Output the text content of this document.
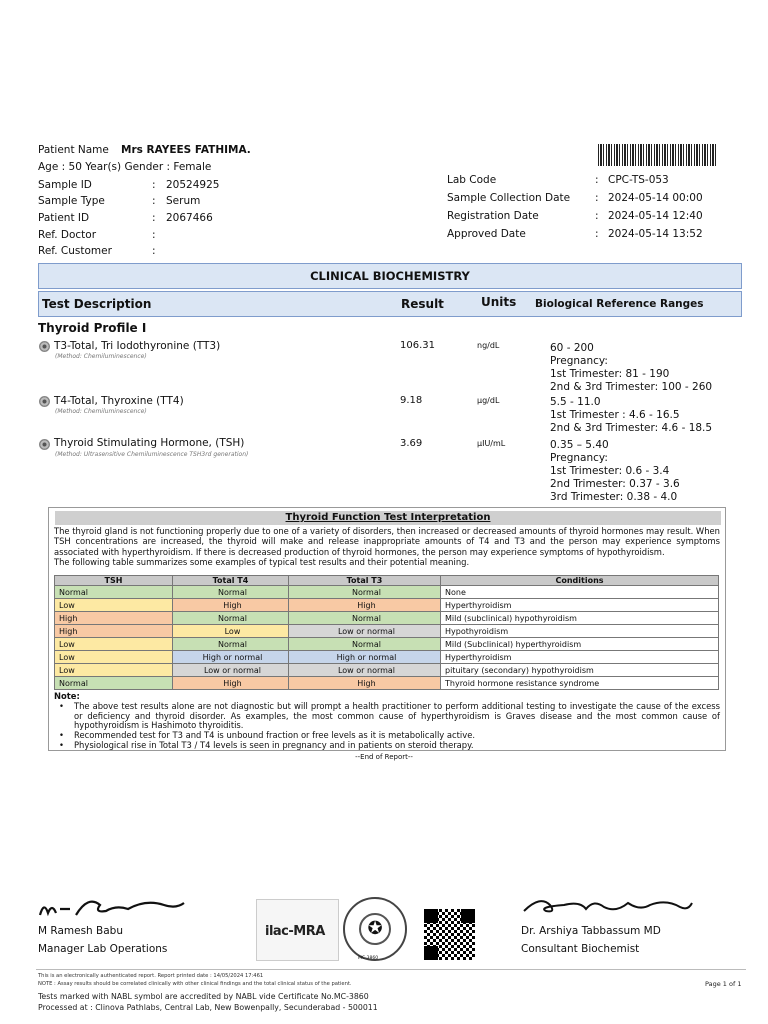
Patient Name Mrs RAYEES FATHIMA.
Age : 50 Year(s) Gender : Female
Sample ID	: 20524925
Sample Type	: Serum
Patient ID	: 2067466
Ref. Doctor	:
Ref. Customer	:
Lab Code	: CPC-TS-053
Sample Collection Date : 2024-05-14 00:00
Registration Date	: 2024-05-14 12:40
Approved Date	: 2024-05-14 13:52
CLINICAL BIOCHEMISTRY
Test Description	Result	Units Biological Reference Ranges
Thyroid Profile I
T3-Total, Tri Iodothyronine (TT3)
(Method: Chemiluminescence)
106.31	ng/dL	60 - 200
Pregnancy:
1st Trimester: 81 - 190
2nd & 3rd Trimester: 100 - 260
T4-Total, Thyroxine (TT4)
(Method: Chemiluminescence)
9.18	µg/dL	5.5 - 11.0
1st Trimester : 4.6 - 16.5
2nd & 3rd Trimester: 4.6 - 18.5
Thyroid Stimulating Hormone, (TSH)
(Method: Ultrasensitive Chemiluminescence TSH3rd generation)
3.69	µIU/mL	0.35 – 5.40
Pregnancy:
1st Trimester: 0.6 - 3.4
2nd Trimester: 0.37 - 3.6
3rd Trimester: 0.38 - 4.0
Thyroid Function Test Interpretation
The thyroid gland is not functioning properly due to one of a variety of disorders, then increased or decreased amounts of thyroid hormones may result. When TSH concentrations are increased, the thyroid will make and release inappropriate amounts of T4 and T3 and the person may experience symptoms associated with hyperthyroidism. If there is decreased production of thyroid hormones, the person may experience symptoms of hypothyroidism.
The following table summarizes some examples of typical test results and their potential meaning.
TSH	Total T4	Total T3	Conditions
Normal	Normal	Normal	None
Low	High	High	Hyperthyroidism
High	Normal	Normal	Mild (subclinical) hypothyroidism
High	Low	Low or normal	Hypothyroidism
Low	Normal	Normal	Mild (Subclinical) hyperthyroidism
Low	High or normal	High or normal	Hyperthyroidism
Low	Low or normal	Low or normal	pituitary (secondary) hypothyroidism
Normal	High	High	Thyroid hormone resistance syndrome
Note:
• The above test results alone are not diagnostic but will prompt a health practitioner to perform additional testing to investigate the cause of the excess or deficiency and thyroid disorder. As examples, the most common cause of hyperthyroidism is Graves disease and the most common cause of hypothyroidism is Hashimoto thyroiditis.
• Recommended test for T3 and T4 is unbound fraction or free levels as it is metabolically active.
• Physiological rise in Total T3 / T4 levels is seen in pregnancy and in patients on steroid therapy.
--End of Report--
M Ramesh Babu
Manager Lab Operations
ilac-MRA	✪
MC-3860
Dr. Arshiya Tabbassum MD
Consultant Biochemist
This is an electronically authenticated report. Report printed date : 14/05/2024 17:461
NOTE : Assay results should be correlated clinically with other clinical findings and the total clinical status of the patient.
Tests marked with NABL symbol are accredited by NABL vide Certificate No.MC-3860
Processed at : Clinova Pathlabs, Central Lab, New Bowenpally, Secunderabad - 500011
Page 1 of 1
